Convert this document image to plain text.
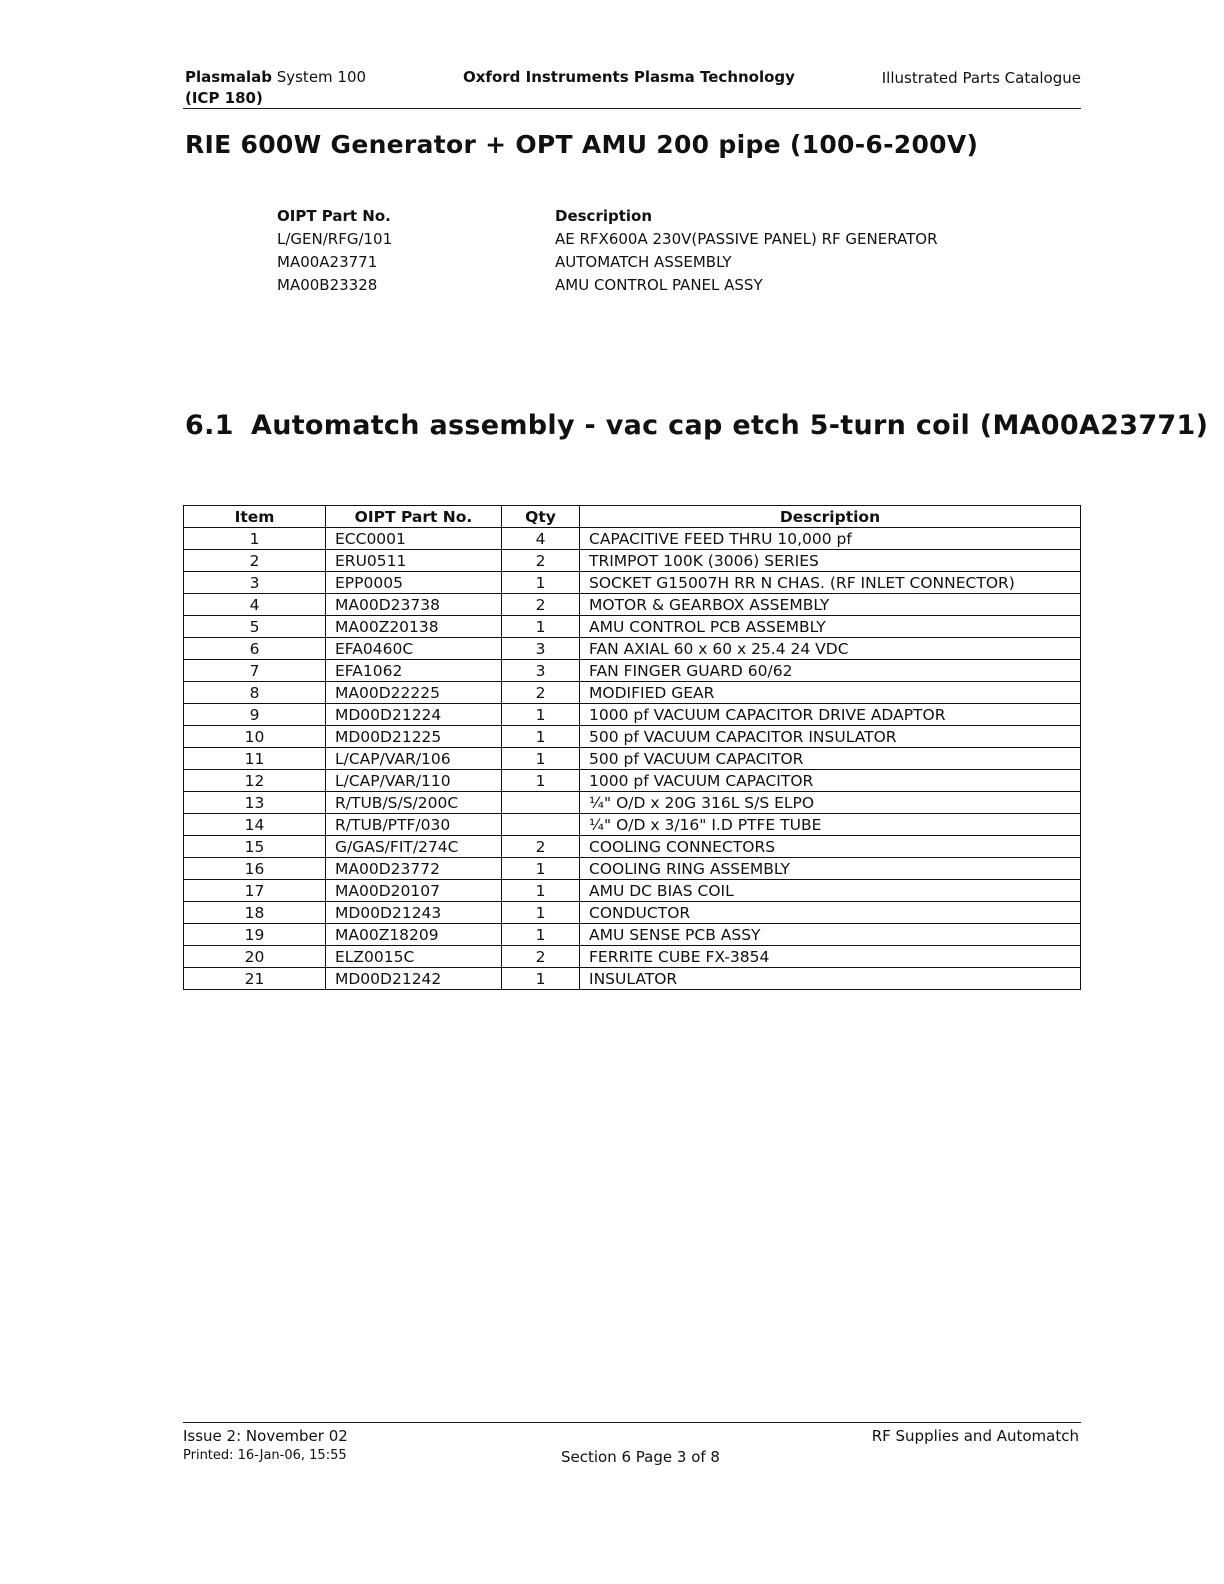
Plasmalab System 100
(ICP 180)
Oxford Instruments Plasma Technology	Illustrated Parts Catalogue
RIE 600W Generator + OPT AMU 200 pipe (100-6-200V)
OIPT Part No.	Description
L/GEN/RFG/101	AE RFX600A 230V(PASSIVE PANEL) RF GENERATOR
MA00A23771	AUTOMATCH ASSEMBLY
MA00B23328	AMU CONTROL PANEL ASSY
6.1 Automatch assembly - vac cap etch 5-turn coil (MA00A23771)
Item	OIPT Part No.	Qty	Description
1	ECC0001	4	CAPACITIVE FEED THRU 10,000 pf
2	ERU0511	2	TRIMPOT 100K (3006) SERIES
3	EPP0005	1	SOCKET G15007H RR N CHAS. (RF INLET CONNECTOR)
4	MA00D23738	2	MOTOR & GEARBOX ASSEMBLY
5	MA00Z20138	1	AMU CONTROL PCB ASSEMBLY
6	EFA0460C	3	FAN AXIAL 60 x 60 x 25.4 24 VDC
7	EFA1062	3	FAN FINGER GUARD 60/62
8	MA00D22225	2	MODIFIED GEAR
9	MD00D21224	1	1000 pf VACUUM CAPACITOR DRIVE ADAPTOR
10	MD00D21225	1	500 pf VACUUM CAPACITOR INSULATOR
11	L/CAP/VAR/106	1	500 pf VACUUM CAPACITOR
12	L/CAP/VAR/110	1	1000 pf VACUUM CAPACITOR
13	R/TUB/S/S/200C		¼" O/D x 20G 316L S/S ELPO
14	R/TUB/PTF/030		¼" O/D x 3/16" I.D PTFE TUBE
15	G/GAS/FIT/274C	2	COOLING CONNECTORS
16	MA00D23772	1	COOLING RING ASSEMBLY
17	MA00D20107	1	AMU DC BIAS COIL
18	MD00D21243	1	CONDUCTOR
19	MA00Z18209	1	AMU SENSE PCB ASSY
20	ELZ0015C	2	FERRITE CUBE FX-3854
21	MD00D21242	1	INSULATOR
Issue 2: November 02
Printed: 16-Jan-06, 15:55	Section 6 Page 3 of 8
RF Supplies and Automatch
